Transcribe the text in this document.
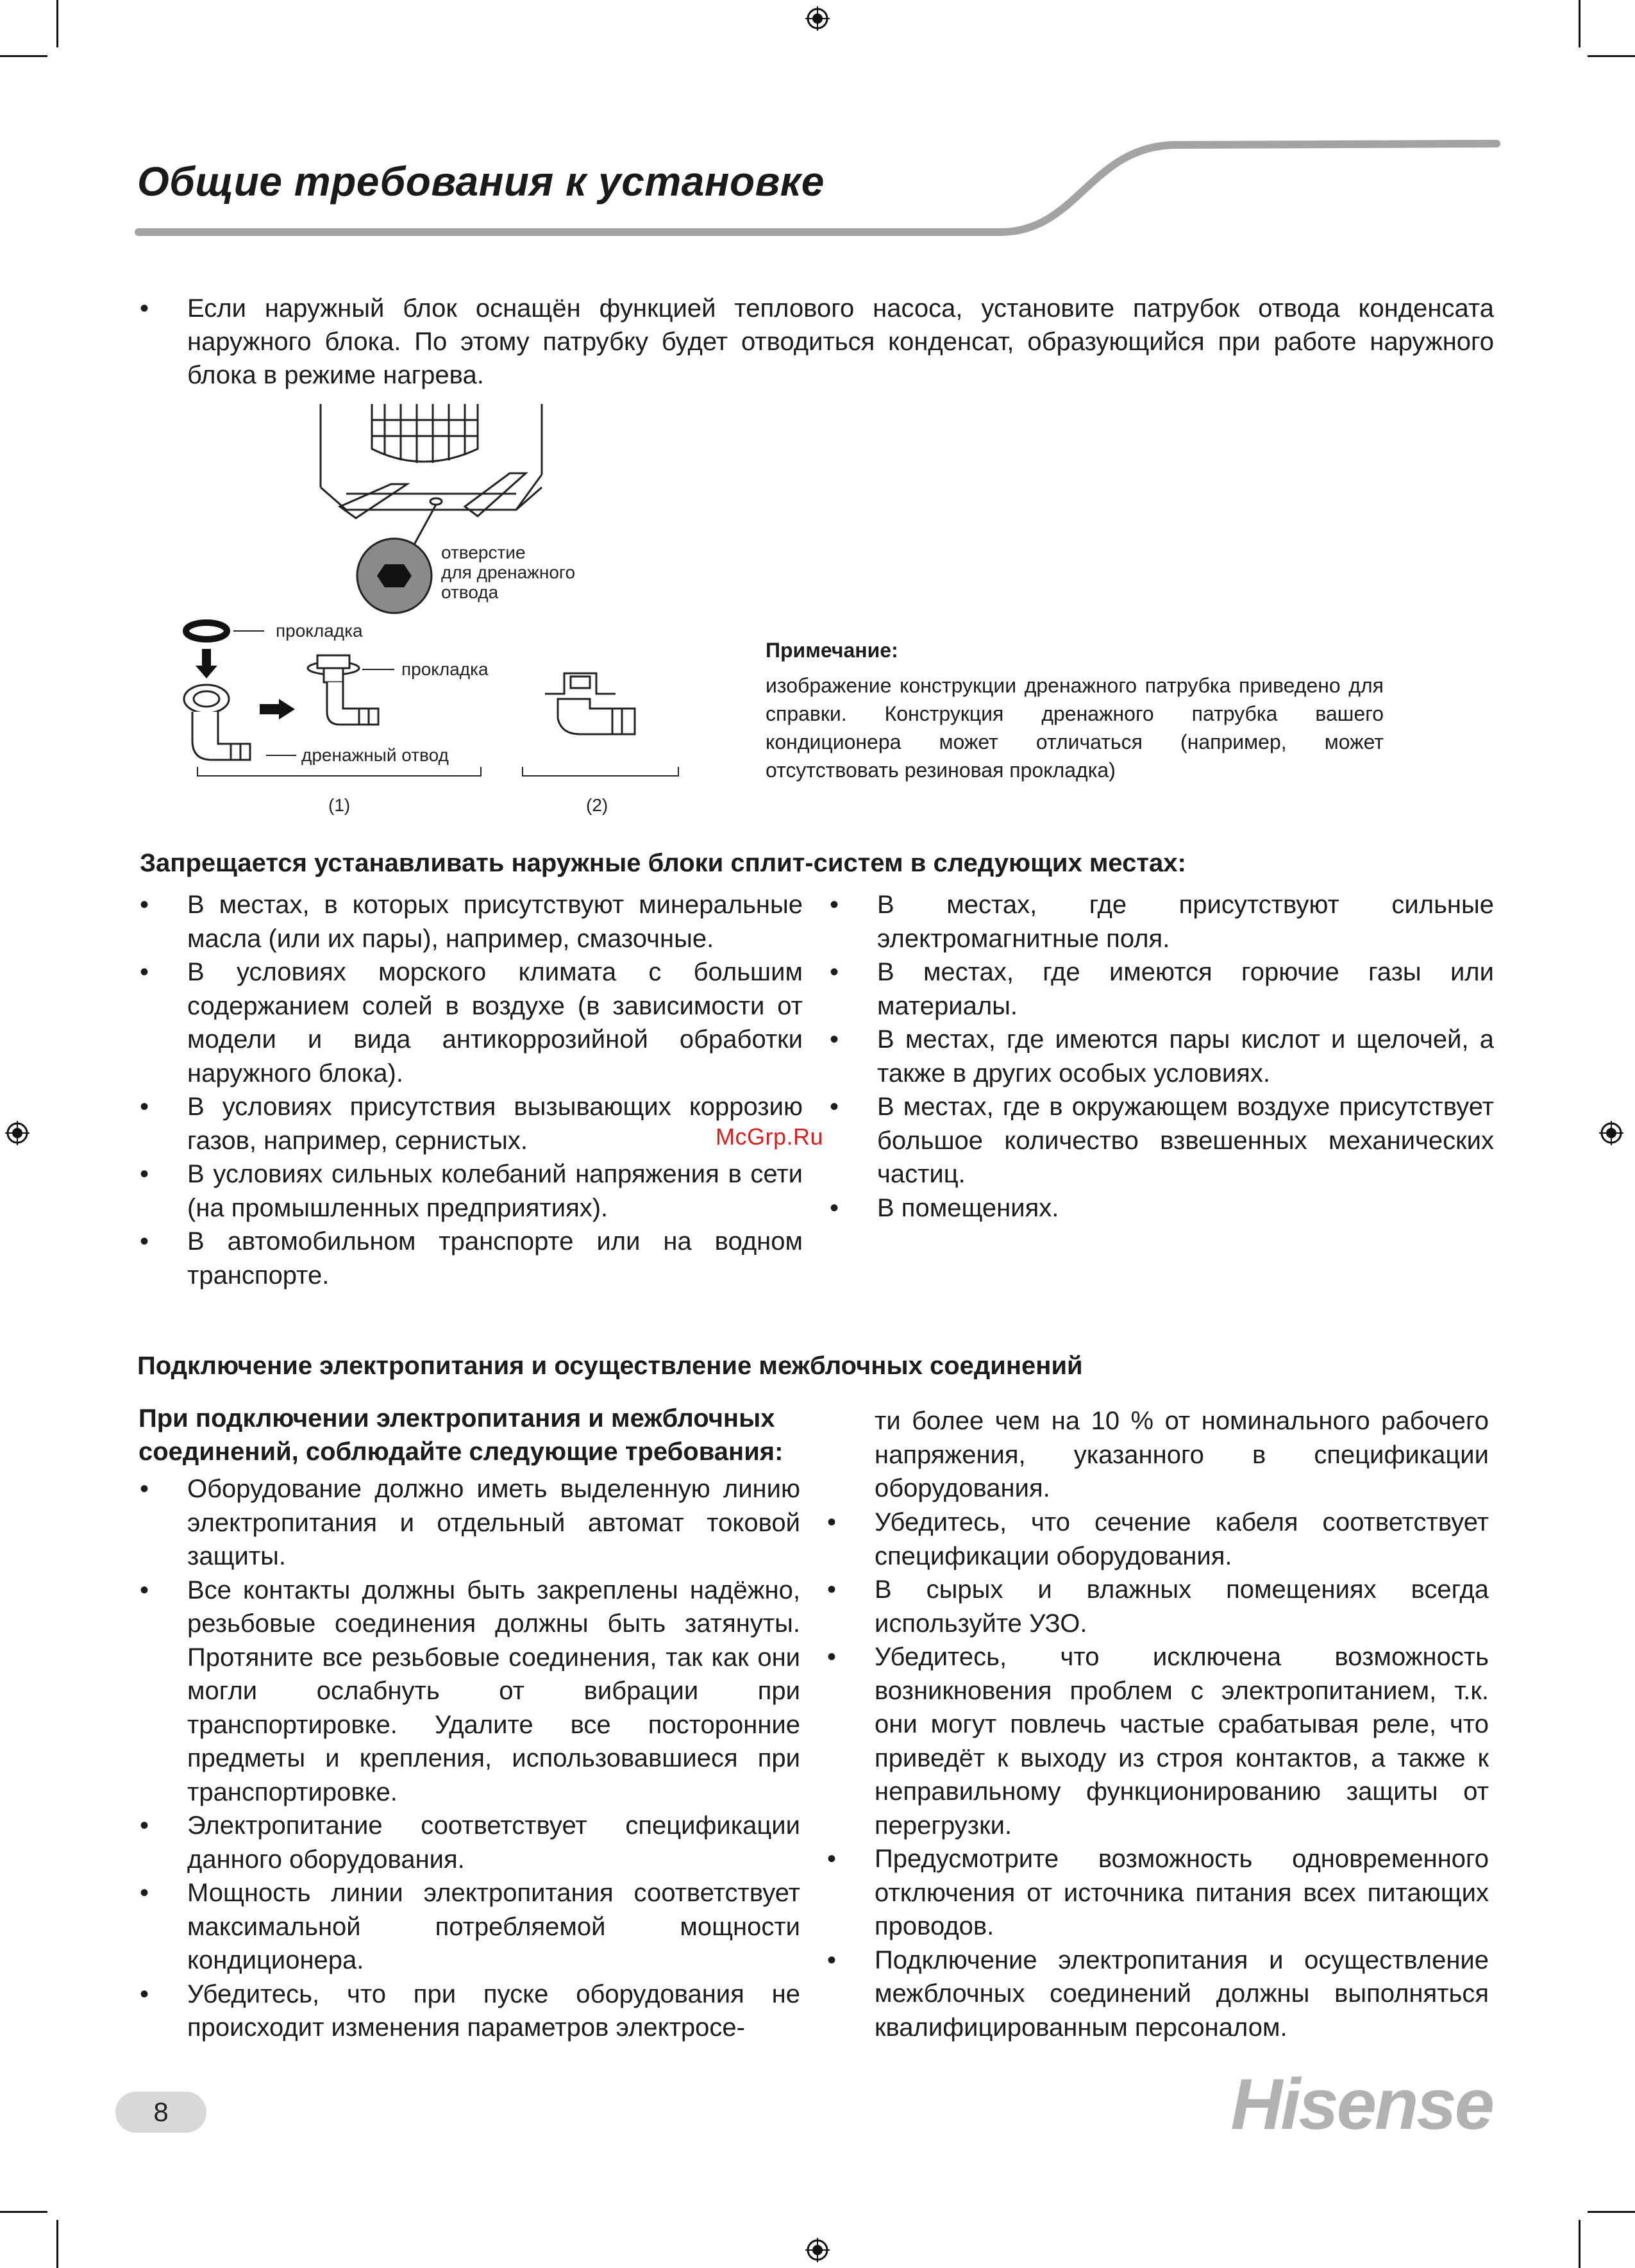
Общие требования к установке
• Если наружный блок оснащён функцией теплового насоса, установите патрубок отвода конденсата наружного блока. По этому патрубку будет отводиться конденсат, образующийся при работе наружного блока в режиме нагрева.
отверстие
для дренажного
отвода
прокладка
прокладка
дренажный отвод
(1)	(2)
Примечание:
изображение конструкции дренажного патрубка приведено для справки. Конструкция дренажного патрубка вашего кондиционера может отличаться (например, может отсутствовать резиновая прокладка)
Запрещается устанавливать наружные блоки сплит-систем в следующих местах:
• В местах, в которых присутствуют минеральные масла (или их пары), например, смазочные.
• В условиях морского климата с большим содержанием солей в воздухе (в зависимости от модели и вида антикоррозийной обработки наружного блока).
• В условиях присутствия вызывающих коррозию газов, например, сернистых.
• В условиях сильных колебаний напряжения в сети (на промышленных предприятиях).
• В автомобильном транспорте или на водном транспорте.
• В местах, где присутствуют сильные электромагнитные поля.
• В местах, где имеются горючие газы или материалы.
• В местах, где имеются пары кислот и щелочей, а также в других особых условиях.
• В местах, где в окружающем воздухе присутствует большое количество взвешенных механических частиц.
• В помещениях.
McGrp.Ru
Подключение электропитания и осуществление межблочных соединений
При подключении электропитания и межблочных соединений, соблюдайте следующие требования:
• Оборудование должно иметь выделенную линию электропитания и отдельный автомат токовой защиты.
• Все контакты должны быть закреплены надёжно, резьбовые соединения должны быть затянуты. Протяните все резьбовые соединения, так как они могли ослабнуть от вибрации при транспортировке. Удалите все посторонние предметы и крепления, использовавшиеся при транспортировке.
• Электропитание соответствует спецификации данного оборудования.
• Мощность линии электропитания соответствует максимальной потребляемой мощности кондиционера.
• Убедитесь, что при пуске оборудования не происходит изменения параметров электросе-
ти более чем на 10 % от номинального рабочего напряжения, указанного в спецификации оборудования.
• Убедитесь, что сечение кабеля соответствует спецификации оборудования.
• В сырых и влажных помещениях всегда используйте УЗО.
• Убедитесь, что исключена возможность возникновения проблем с электропитанием, т.к. они могут повлечь частые срабатывая реле, что приведёт к выходу из строя контактов, а также к неправильному функционированию защиты от перегрузки.
• Предусмотрите возможность одновременного отключения от источника питания всех питающих проводов.
• Подключение электропитания и осуществление межблочных соединений должны выполняться квалифицированным персоналом.
8	Hisense
